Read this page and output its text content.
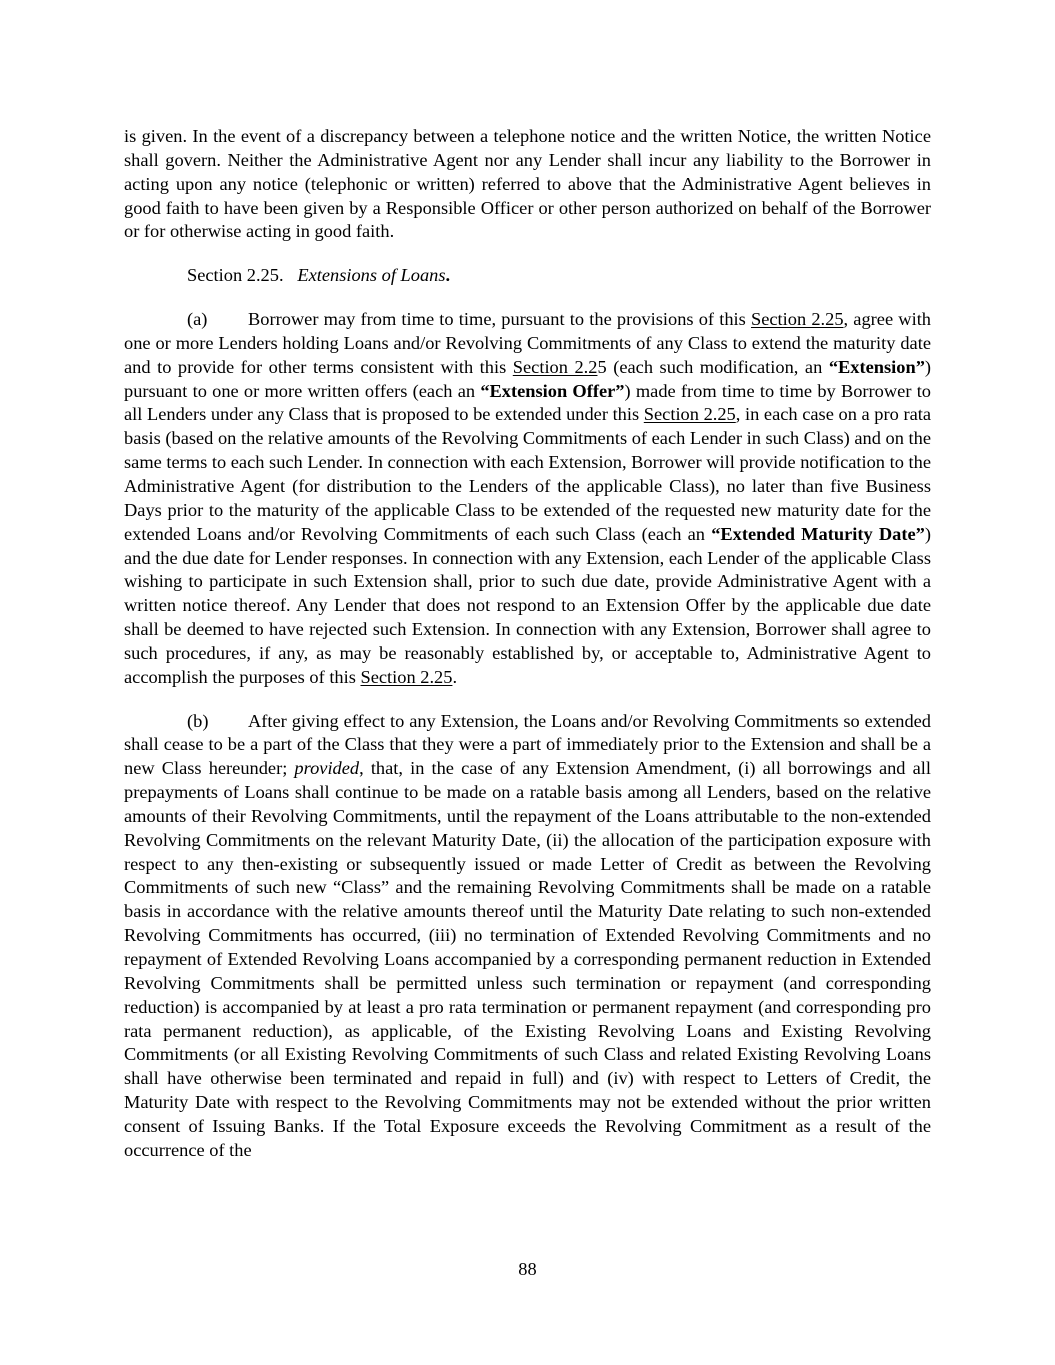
is given. In the event of a discrepancy between a telephone notice and the written Notice, the written Notice shall govern. Neither the Administrative Agent nor any Lender shall incur any liability to the Borrower in acting upon any notice (telephonic or written) referred to above that the Administrative Agent believes in good faith to have been given by a Responsible Officer or other person authorized on behalf of the Borrower or for otherwise acting in good faith.

Section 2.25. Extensions of Loans.

(a) Borrower may from time to time, pursuant to the provisions of this Section 2.25, agree with one or more Lenders holding Loans and/or Revolving Commitments of any Class to extend the maturity date and to provide for other terms consistent with this Section 2.25 (each such modification, an “Extension”) pursuant to one or more written offers (each an “Extension Offer”) made from time to time by Borrower to all Lenders under any Class that is proposed to be extended under this Section 2.25, in each case on a pro rata basis (based on the relative amounts of the Revolving Commitments of each Lender in such Class) and on the same terms to each such Lender. In connection with each Extension, Borrower will provide notification to the Administrative Agent (for distribution to the Lenders of the applicable Class), no later than five Business Days prior to the maturity of the applicable Class to be extended of the requested new maturity date for the extended Loans and/or Revolving Commitments of each such Class (each an “Extended Maturity Date”) and the due date for Lender responses. In connection with any Extension, each Lender of the applicable Class wishing to participate in such Extension shall, prior to such due date, provide Administrative Agent with a written notice thereof. Any Lender that does not respond to an Extension Offer by the applicable due date shall be deemed to have rejected such Extension. In connection with any Extension, Borrower shall agree to such procedures, if any, as may be reasonably established by, or acceptable to, Administrative Agent to accomplish the purposes of this Section 2.25.

(b) After giving effect to any Extension, the Loans and/or Revolving Commitments so extended shall cease to be a part of the Class that they were a part of immediately prior to the Extension and shall be a new Class hereunder; provided, that, in the case of any Extension Amendment, (i) all borrowings and all prepayments of Loans shall continue to be made on a ratable basis among all Lenders, based on the relative amounts of their Revolving Commitments, until the repayment of the Loans attributable to the non-extended Revolving Commitments on the relevant Maturity Date, (ii) the allocation of the participation exposure with respect to any then-existing or subsequently issued or made Letter of Credit as between the Revolving Commitments of such new “Class” and the remaining Revolving Commitments shall be made on a ratable basis in accordance with the relative amounts thereof until the Maturity Date relating to such non-extended Revolving Commitments has occurred, (iii) no termination of Extended Revolving Commitments and no repayment of Extended Revolving Loans accompanied by a corresponding permanent reduction in Extended Revolving Commitments shall be permitted unless such termination or repayment (and corresponding reduction) is accompanied by at least a pro rata termination or permanent repayment (and corresponding pro rata permanent reduction), as applicable, of the Existing Revolving Loans and Existing Revolving Commitments (or all Existing Revolving Commitments of such Class and related Existing Revolving Loans shall have otherwise been terminated and repaid in full) and (iv) with respect to Letters of Credit, the Maturity Date with respect to the Revolving Commitments may not be extended without the prior written consent of Issuing Banks. If the Total Exposure exceeds the Revolving Commitment as a result of the occurrence of the

88
